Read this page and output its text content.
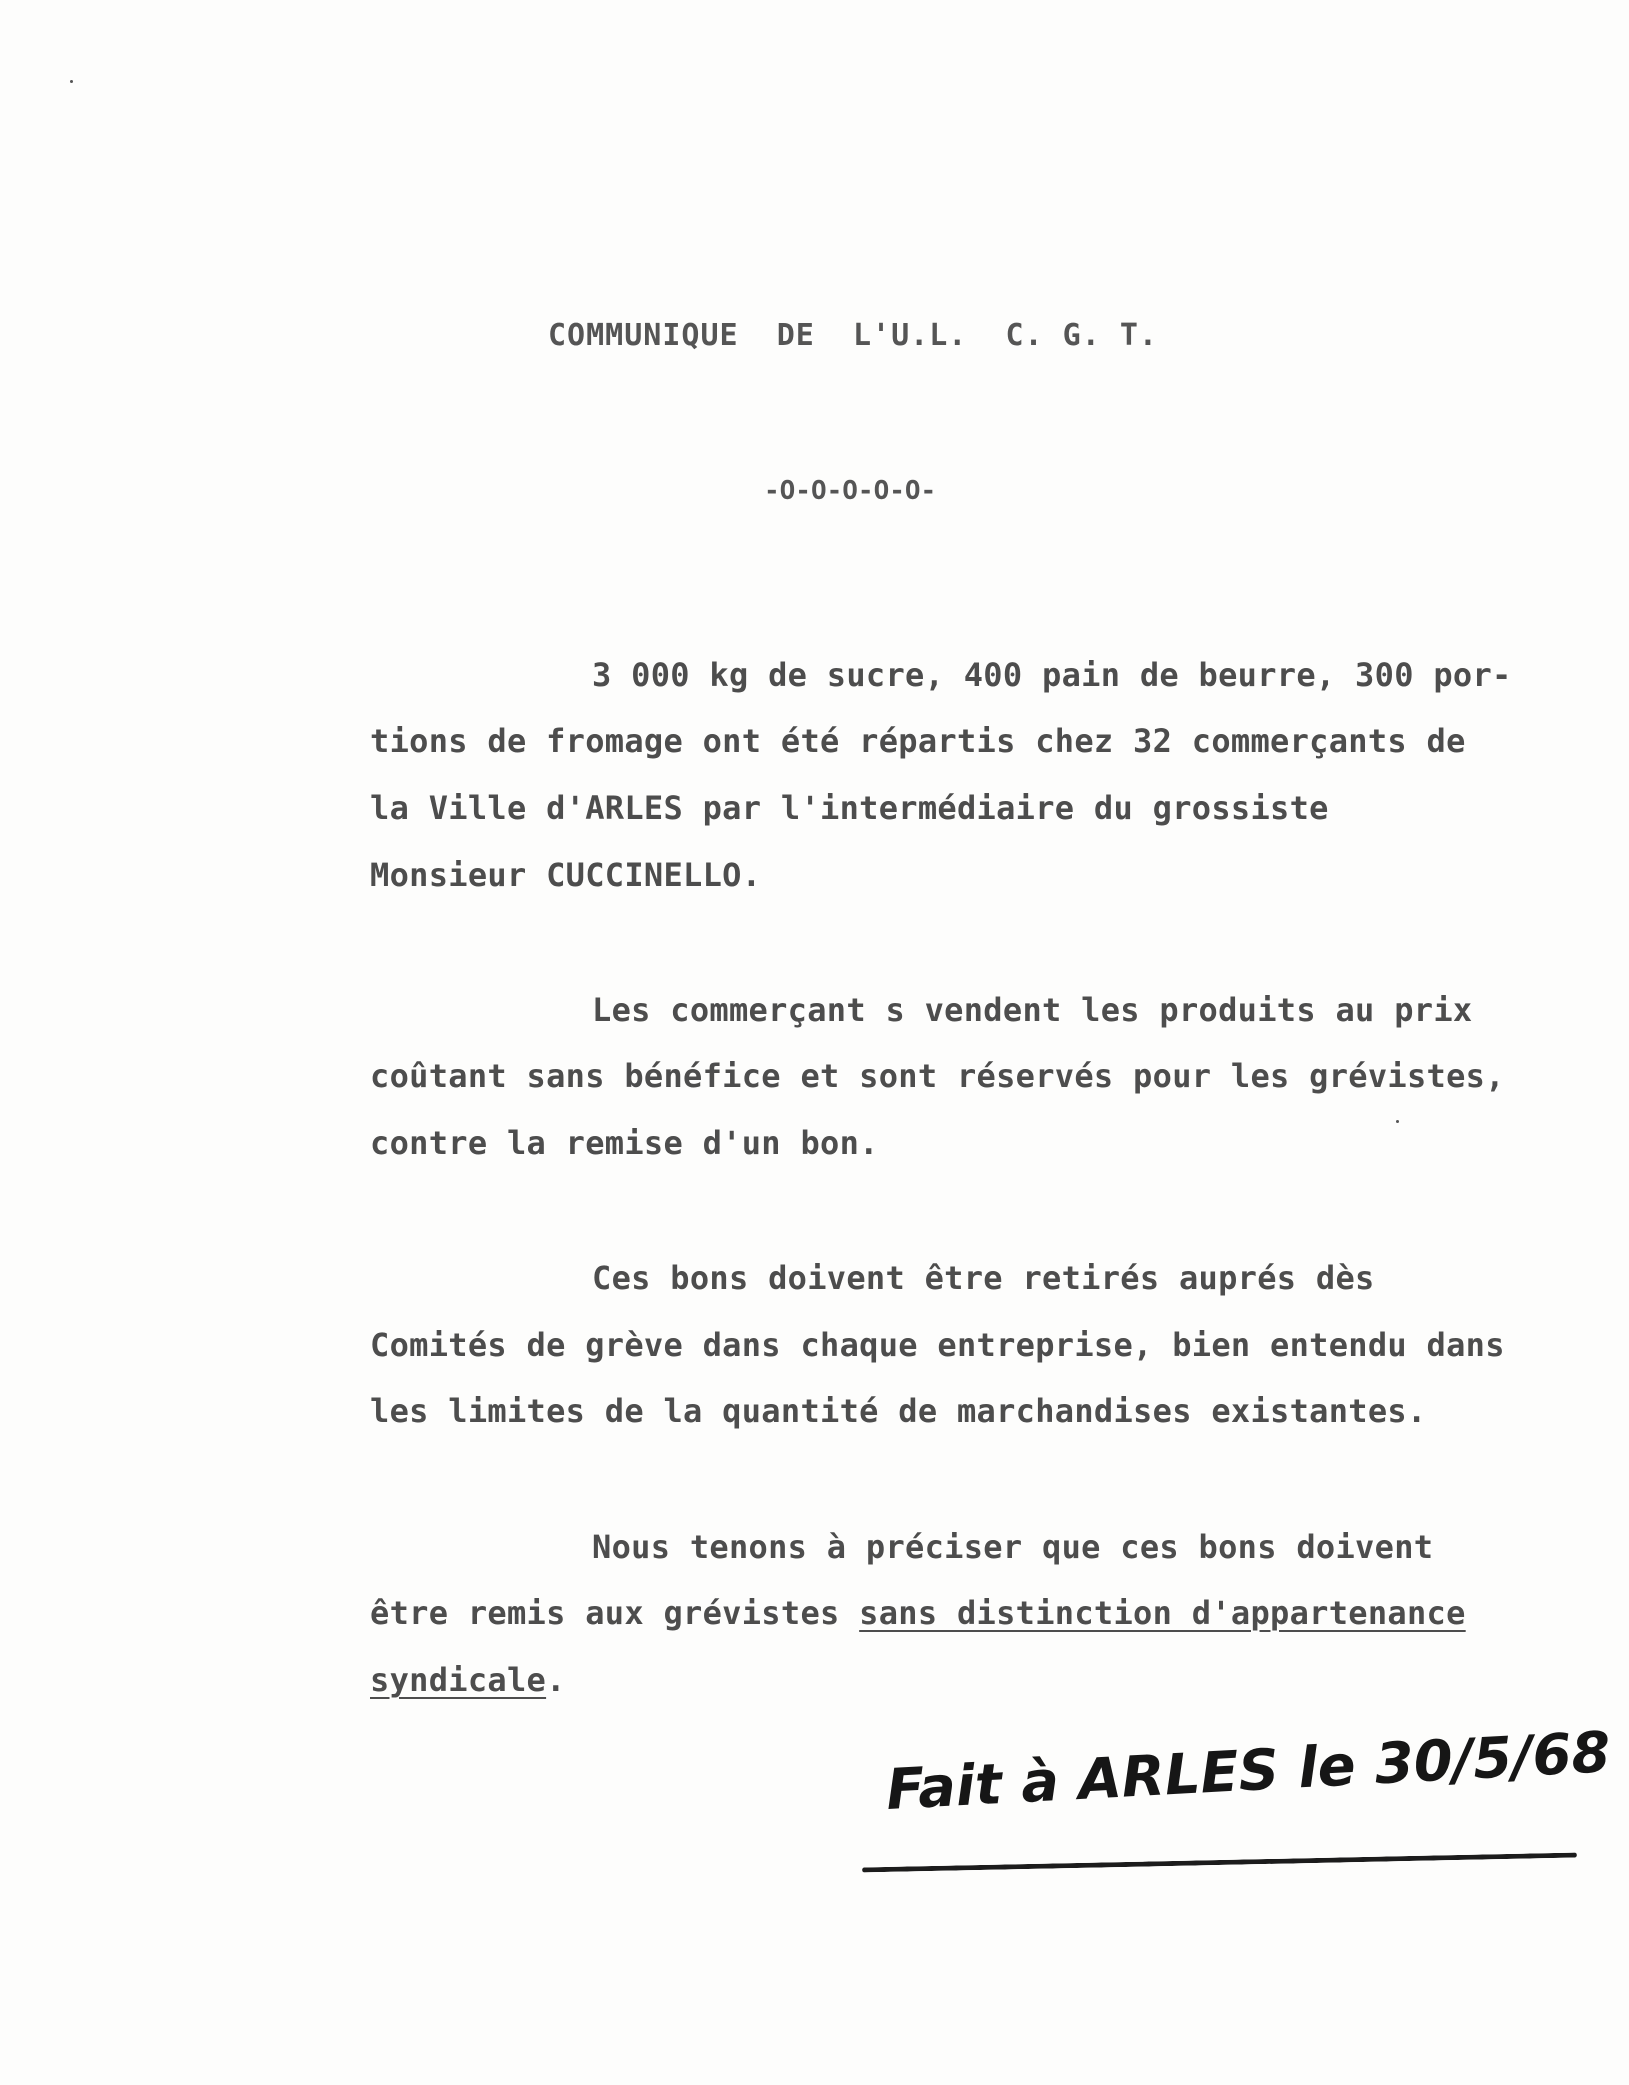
COMMUNIQUE  DE  L'U.L.  C. G. T.
-O-O-O-O-O-
3 000 kg de sucre, 400 pain de beurre, 300 por-
tions de fromage ont été répartis chez 32 commerçants de
la Ville d'ARLES par l'intermédiaire du grossiste
Monsieur CUCCINELLO.
Les commerçant s vendent les produits au prix
coûtant sans bénéfice et sont réservés pour les grévistes,
contre la remise d'un bon.
Ces bons doivent être retirés auprés dès
Comités de grève dans chaque entreprise, bien entendu dans
les limites de la quantité de marchandises existantes.
Nous tenons à préciser que ces bons doivent
être remis aux grévistes sans distinction d'appartenance
syndicale.
Fait à ARLES le 30/5/68
